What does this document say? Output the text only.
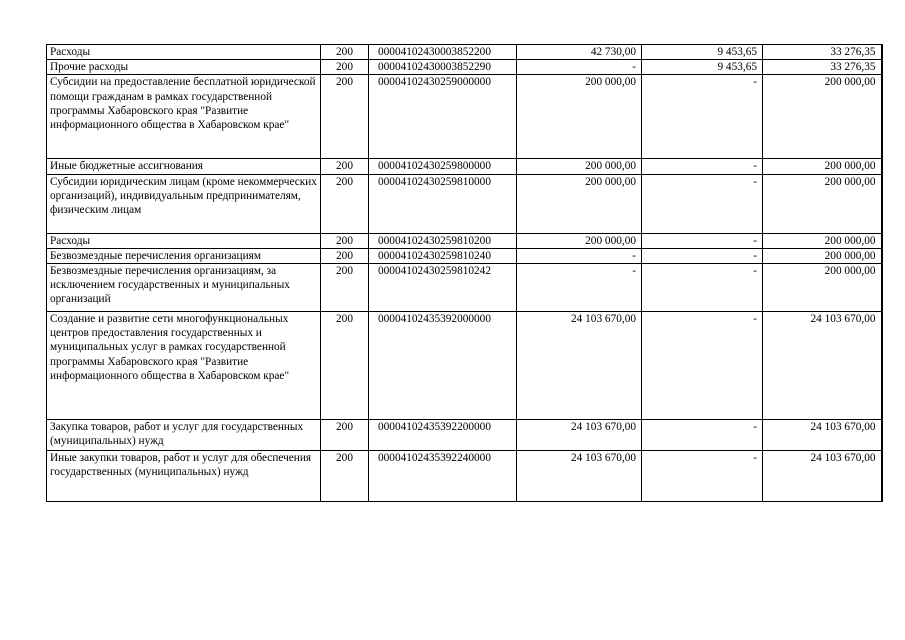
Расходы	200	00004102430003852200	42 730,00	9 453,65	33 276,35
Прочие расходы	200	00004102430003852290	-	9 453,65	33 276,35
Субсидии на предоставление бесплатной юридической помощи гражданам в рамках государственной программы Хабаровского края "Развитие информационного общества в Хабаровском крае"	200	00004102430259000000	200 000,00	-	200 000,00
Иные бюджетные ассигнования	200	00004102430259800000	200 000,00	-	200 000,00
Субсидии юридическим лицам (кроме некоммерческих организаций), индивидуальным предпринимателям, физическим лицам	200	00004102430259810000	200 000,00	-	200 000,00
Расходы	200	00004102430259810200	200 000,00	-	200 000,00
Безвозмездные перечисления организациям	200	00004102430259810240	-	-	200 000,00
Безвозмездные перечисления организациям, за исключением государственных и муниципальных организаций	200	00004102430259810242	-	-	200 000,00
Создание и развитие сети многофункциональных центров предоставления государственных и муниципальных услуг в рамках государственной программы Хабаровского края "Развитие информационного общества в Хабаровском крае"	200	00004102435392000000	24 103 670,00	-	24 103 670,00
Закупка товаров, работ и услуг для государственных (муниципальных) нужд	200	00004102435392200000	24 103 670,00	-	24 103 670,00
Иные закупки товаров, работ и услуг для обеспечения государственных (муниципальных) нужд	200	00004102435392240000	24 103 670,00	-	24 103 670,00
